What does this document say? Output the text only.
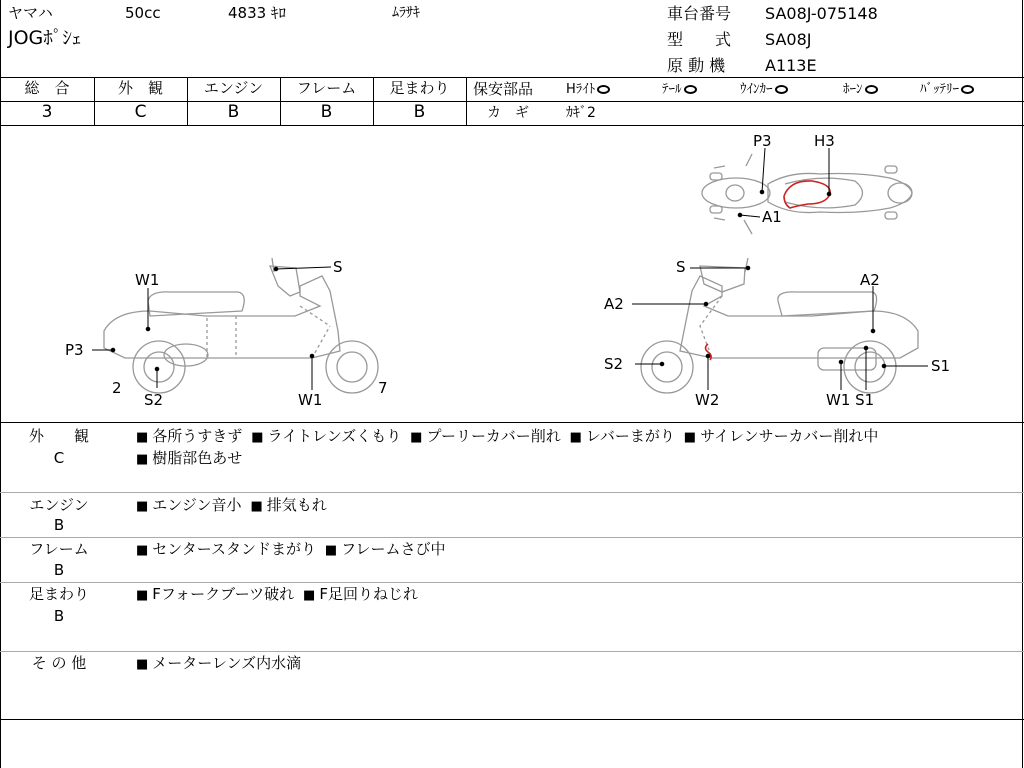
ヤマハ	50cc	4833 ｷﾛ	ﾑﾗｻｷ
JOGﾎﾟｼｪ
車台番号 SA08J-075148
型　　式 SA08J
原 動 機 A113E
総　合	外　観	エンジン	フレーム	足まわり
3	C	B	B	B
保安部品	Hﾗｲﾄ	ﾃｰﾙ	ｳｲﾝｶｰ	ﾎｰﾝ	ﾊﾞｯﾃﾘｰ
カ　ギ	ｶｷﾞ2
P3	H3
A1
W1
S
P3
2
S2	W1
7
S
A2
A2
S2
W2	W1 S1
S1
外　　観
C
■ 各所うすきず  ■ ライトレンズくもり  ■ プーリーカバー削れ  ■ レバーまがり  ■ サイレンサーカバー削れ中
■ 樹脂部色あせ
エンジン
B
■ エンジン音小  ■ 排気もれ
フレーム
B
■ センタースタンドまがり  ■ フレームさび中
足まわり
B
■ Fフォークブーツ破れ  ■ F足回りねじれ
そ の 他	■ メーターレンズ内水滴
